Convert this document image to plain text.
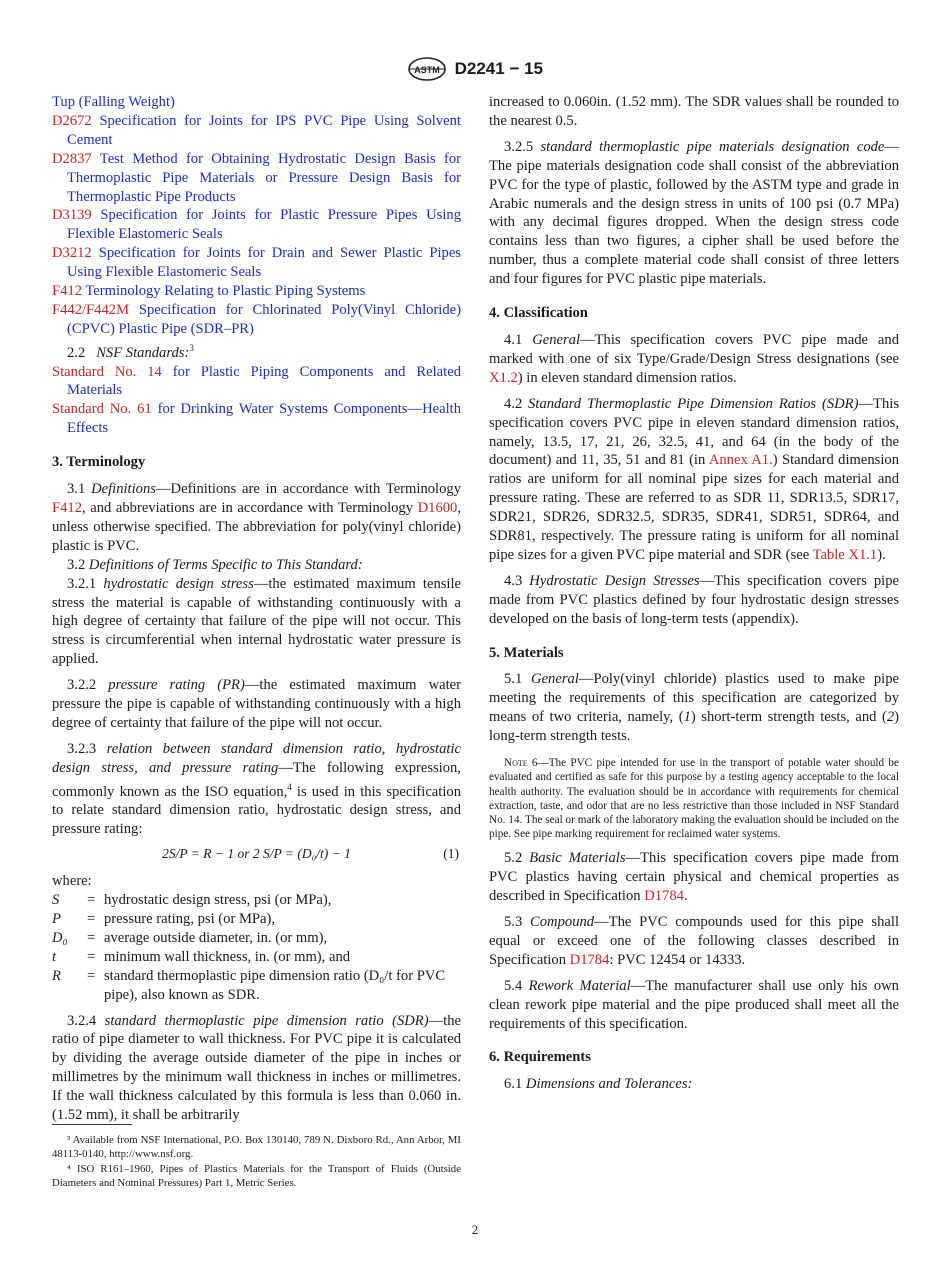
ASTM D2241 − 15

Tup (Falling Weight)

D2672 Specification for Joints for IPS PVC Pipe Using Solvent Cement

D2837 Test Method for Obtaining Hydrostatic Design Basis for Thermoplastic Pipe Materials or Pressure Design Basis for Thermoplastic Pipe Products

D3139 Specification for Joints for Plastic Pressure Pipes Using Flexible Elastomeric Seals

D3212 Specification for Joints for Drain and Sewer Plastic Pipes Using Flexible Elastomeric Seals

F412 Terminology Relating to Plastic Piping Systems

F442/F442M Specification for Chlorinated Poly(Vinyl Chloride) (CPVC) Plastic Pipe (SDR–PR)

2.2 NSF Standards:$^3$

Standard No. 14 for Plastic Piping Components and Related Materials

Standard No. 61 for Drinking Water Systems Components—Health Effects

3. Terminology

3.1 Definitions—Definitions are in accordance with Terminology F412, and abbreviations are in accordance with Terminology D1600, unless otherwise specified. The abbreviation for poly(vinyl chloride) plastic is PVC.

3.2 Definitions of Terms Specific to This Standard:

3.2.1 hydrostatic design stress—the estimated maximum tensile stress the material is capable of withstanding continuously with a high degree of certainty that failure of the pipe will not occur. This stress is circumferential when internal hydrostatic water pressure is applied.

3.2.2 pressure rating (PR)—the estimated maximum water pressure the pipe is capable of withstanding continuously with a high degree of certainty that failure of the pipe will not occur.

3.2.3 relation between standard dimension ratio, hydrostatic design stress, and pressure rating—The following expression, commonly known as the ISO equation,$^4$ is used in this specification to relate standard dimension ratio, hydrostatic design stress, and pressure rating:

2S/P = R − 1 or 2 S/P = (D₀/t) − 1	(1)

where:

S	=	hydrostatic design stress, psi (or MPa),
P	=	pressure rating, psi (or MPa),
D₀	=	average outside diameter, in. (or mm),
t	=	minimum wall thickness, in. (or mm), and
R	=	standard thermoplastic pipe dimension ratio (D₀/t for PVC pipe), also known as SDR.

3.2.4 standard thermoplastic pipe dimension ratio (SDR)—the ratio of pipe diameter to wall thickness. For PVC pipe it is calculated by dividing the average outside diameter of the pipe in inches or millimetres by the minimum wall thickness in inches or millimetres. If the wall thickness calculated by this formula is less than 0.060 in. (1.52 mm), it shall be arbitrarily

³ Available from NSF International, P.O. Box 130140, 789 N. Dixboro Rd., Ann Arbor, MI 48113-0140, http://www.nsf.org.

⁴ ISO R161–1960, Pipes of Plastics Materials for the Transport of Fluids (Outside Diameters and Nominal Pressures) Part 1, Metric Series.

increased to 0.060in. (1.52 mm). The SDR values shall be rounded to the nearest 0.5.

3.2.5 standard thermoplastic pipe materials designation code—The pipe materials designation code shall consist of the abbreviation PVC for the type of plastic, followed by the ASTM type and grade in Arabic numerals and the design stress in units of 100 psi (0.7 MPa) with any decimal figures dropped. When the design stress code contains less than two figures, a cipher shall be used before the number, thus a complete material code shall consist of three letters and four figures for PVC plastic pipe materials.

4. Classification

4.1 General—This specification covers PVC pipe made and marked with one of six Type/Grade/Design Stress designations (see X1.2) in eleven standard dimension ratios.

4.2 Standard Thermoplastic Pipe Dimension Ratios (SDR)—This specification covers PVC pipe in eleven standard dimension ratios, namely, 13.5, 17, 21, 26, 32.5, 41, and 64 (in the body of the document) and 11, 35, 51 and 81 (in Annex A1.) Standard dimension ratios are uniform for all nominal pipe sizes for each material and pressure rating. These are referred to as SDR 11, SDR13.5, SDR17, SDR21, SDR26, SDR32.5, SDR35, SDR41, SDR51, SDR64, and SDR81, respectively. The pressure rating is uniform for all nominal pipe sizes for a given PVC pipe material and SDR (see Table X1.1).

4.3 Hydrostatic Design Stresses—This specification covers pipe made from PVC plastics defined by four hydrostatic design stresses developed on the basis of long-term tests (appendix).

5. Materials

5.1 General—Poly(vinyl chloride) plastics used to make pipe meeting the requirements of this specification are categorized by means of two criteria, namely, (1) short-term strength tests, and (2) long-term strength tests.

Note 6—The PVC pipe intended for use in the transport of potable water should be evaluated and certified as safe for this purpose by a testing agency acceptable to the local health authority. The evaluation should be in accordance with requirements for chemical extraction, taste, and odor that are no less restrictive than those included in NSF Standard No. 14. The seal or mark of the laboratory making the evaluation should be included on the pipe. See pipe marking requirement for reclaimed water systems.

5.2 Basic Materials—This specification covers pipe made from PVC plastics having certain physical and chemical properties as described in Specification D1784.

5.3 Compound—The PVC compounds used for this pipe shall equal or exceed one of the following classes described in Specification D1784: PVC 12454 or 14333.

5.4 Rework Material—The manufacturer shall use only his own clean rework pipe material and the pipe produced shall meet all the requirements of this specification.

6. Requirements

6.1 Dimensions and Tolerances:

2
